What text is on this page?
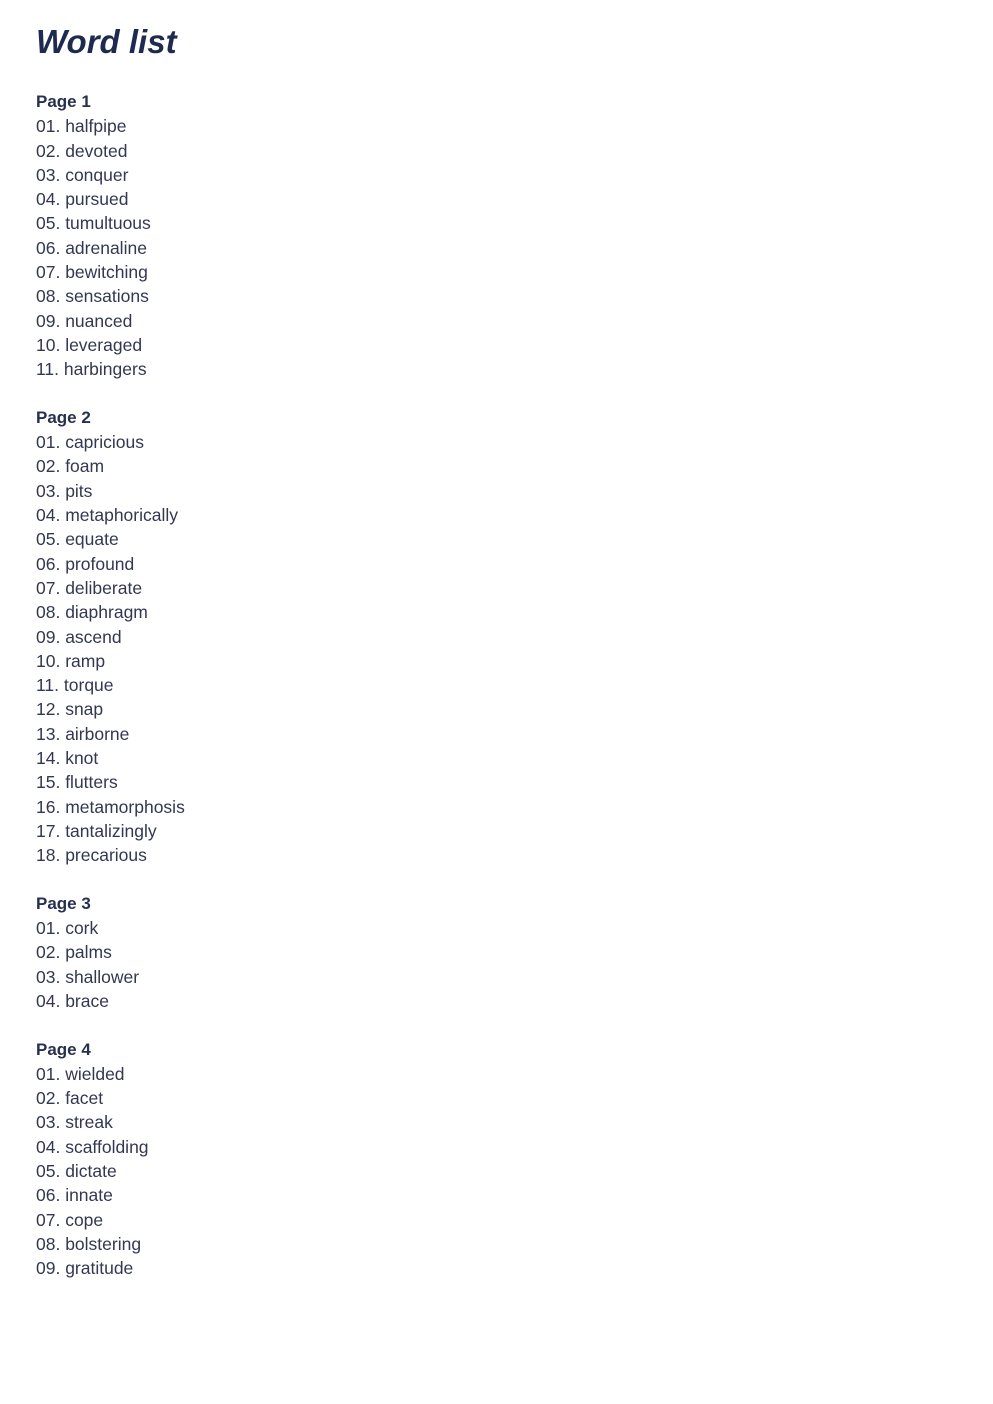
Word list
Page 1
01. halfpipe
02. devoted
03. conquer
04. pursued
05. tumultuous
06. adrenaline
07. bewitching
08. sensations
09. nuanced
10. leveraged
11. harbingers
Page 2
01. capricious
02. foam
03. pits
04. metaphorically
05. equate
06. profound
07. deliberate
08. diaphragm
09. ascend
10. ramp
11. torque
12. snap
13. airborne
14. knot
15. flutters
16. metamorphosis
17. tantalizingly
18. precarious
Page 3
01. cork
02. palms
03. shallower
04. brace
Page 4
01. wielded
02. facet
03. streak
04. scaffolding
05. dictate
06. innate
07. cope
08. bolstering
09. gratitude
